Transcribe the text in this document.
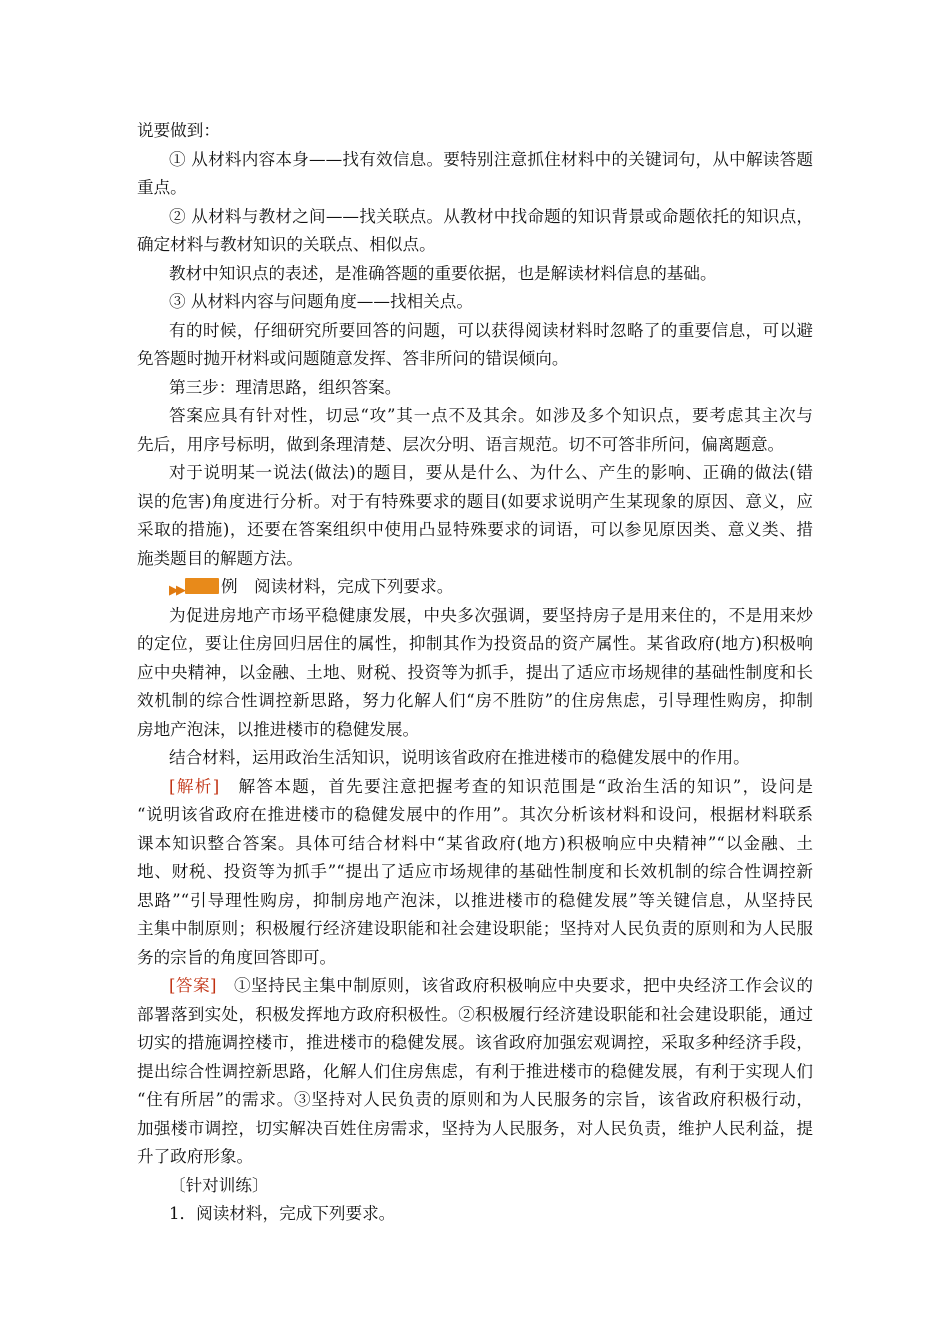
说要做到：
① 从材料内容本身——找有效信息。要特别注意抓住材料中的关键词句，从中解读答题
重点。
② 从材料与教材之间——找关联点。从教材中找命题的知识背景或命题依托的知识点，
确定材料与教材知识的关联点、相似点。
教材中知识点的表述，是准确答题的重要依据，也是解读材料信息的基础。
③ 从材料内容与问题角度——找相关点。
有的时候，仔细研究所要回答的问题，可以获得阅读材料时忽略了的重要信息，可以避
免答题时抛开材料或问题随意发挥、答非所问的错误倾向。
第三步：理清思路，组织答案。
答案应具有针对性，切忌“攻”其一点不及其余。如涉及多个知识点，要考虑其主次与
先后，用序号标明，做到条理清楚、层次分明、语言规范。切不可答非所问，偏离题意。
对于说明某一说法(做法)的题目，要从是什么、为什么、产生的影响、正确的做法(错
误的危害)角度进行分析。对于有特殊要求的题目(如要求说明产生某现象的原因、意义，应
采取的措施)，还要在答案组织中使用凸显特殊要求的词语，可以参见原因类、意义类、措
施类题目的解题方法。
▶▶ 例　阅读材料，完成下列要求。
为促进房地产市场平稳健康发展，中央多次强调，要坚持房子是用来住的，不是用来炒
的定位，要让住房回归居住的属性，抑制其作为投资品的资产属性。某省政府(地方)积极响
应中央精神，以金融、土地、财税、投资等为抓手，提出了适应市场规律的基础性制度和长
效机制的综合性调控新思路，努力化解人们“房不胜防”的住房焦虑，引导理性购房，抑制
房地产泡沫，以推进楼市的稳健发展。
结合材料，运用政治生活知识，说明该省政府在推进楼市的稳健发展中的作用。
[解析]　解答本题，首先要注意把握考查的知识范围是“政治生活的知识”，设问是
“说明该省政府在推进楼市的稳健发展中的作用”。其次分析该材料和设问，根据材料联系
课本知识整合答案。具体可结合材料中“某省政府(地方)积极响应中央精神”“以金融、土
地、财税、投资等为抓手”“提出了适应市场规律的基础性制度和长效机制的综合性调控新
思路”“引导理性购房，抑制房地产泡沫，以推进楼市的稳健发展”等关键信息，从坚持民
主集中制原则；积极履行经济建设职能和社会建设职能；坚持对人民负责的原则和为人民服
务的宗旨的角度回答即可。
[答案]　①坚持民主集中制原则，该省政府积极响应中央要求，把中央经济工作会议的
部署落到实处，积极发挥地方政府积极性。②积极履行经济建设职能和社会建设职能，通过
切实的措施调控楼市，推进楼市的稳健发展。该省政府加强宏观调控，采取多种经济手段，
提出综合性调控新思路，化解人们住房焦虑，有利于推进楼市的稳健发展，有利于实现人们
“住有所居”的需求。③坚持对人民负责的原则和为人民服务的宗旨，该省政府积极行动，
加强楼市调控，切实解决百姓住房需求，坚持为人民服务，对人民负责，维护人民利益，提
升了政府形象。
〔针对训练〕
1．阅读材料，完成下列要求。
